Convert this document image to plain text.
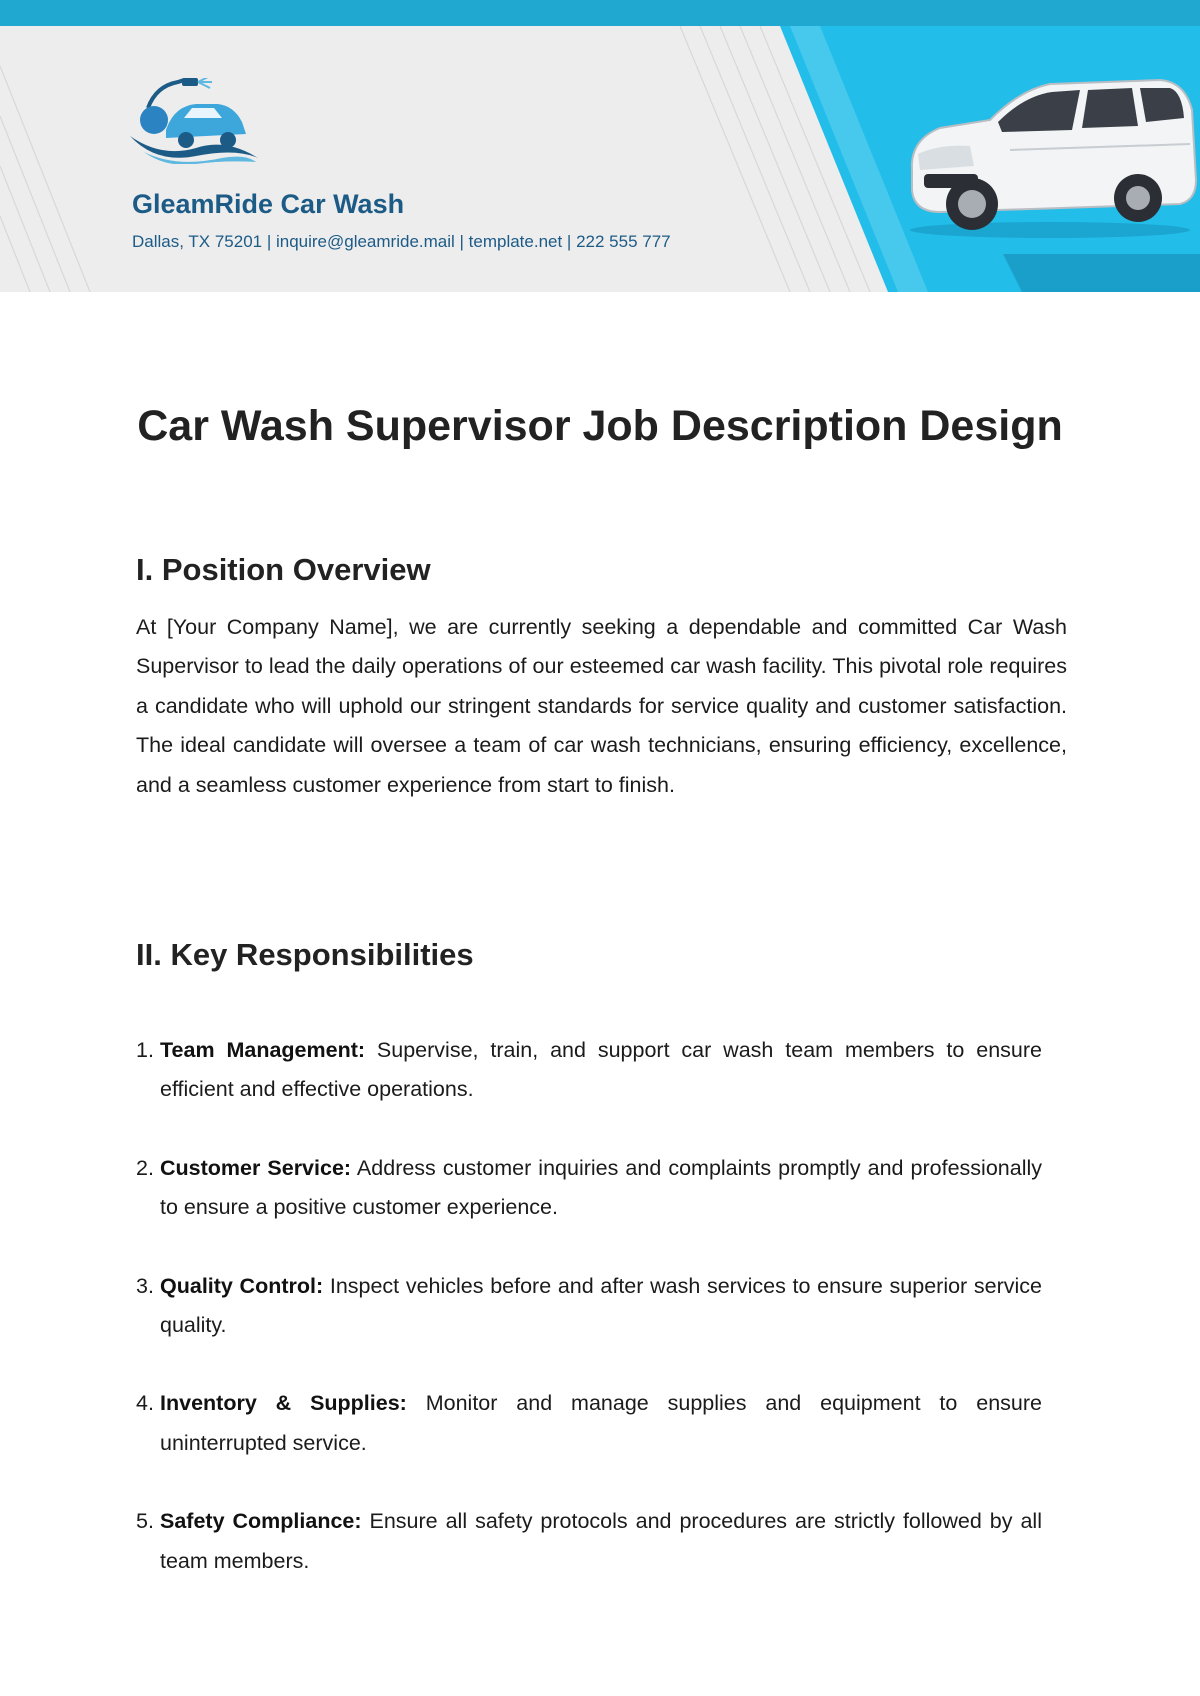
GleamRide Car Wash
Dallas, TX 75201 | inquire@gleamride.mail | template.net | 222 555 777
Car Wash Supervisor Job Description Design
I. Position Overview
At [Your Company Name], we are currently seeking a dependable and committed Car Wash Supervisor to lead the daily operations of our esteemed car wash facility. This pivotal role requires a candidate who will uphold our stringent standards for service quality and customer satisfaction. The ideal candidate will oversee a team of car wash technicians, ensuring efficiency, excellence, and a seamless customer experience from start to finish.
II. Key Responsibilities
1. Team Management: Supervise, train, and support car wash team members to ensure efficient and effective operations.
2. Customer Service: Address customer inquiries and complaints promptly and professionally to ensure a positive customer experience.
3. Quality Control: Inspect vehicles before and after wash services to ensure superior service quality.
4. Inventory & Supplies: Monitor and manage supplies and equipment to ensure uninterrupted service.
5. Safety Compliance: Ensure all safety protocols and procedures are strictly followed by all team members.
